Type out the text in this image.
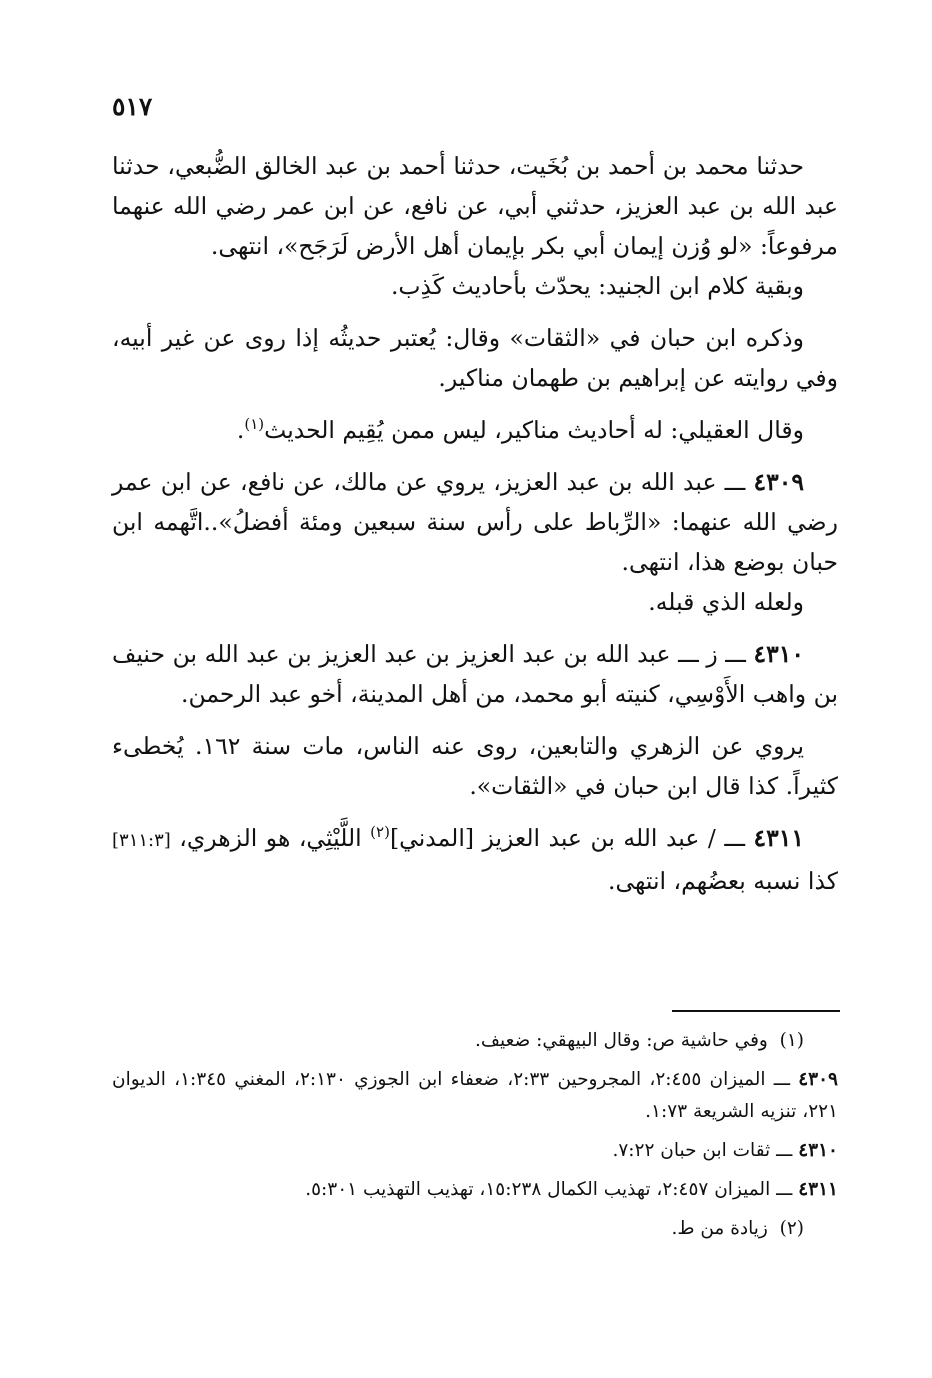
٥١٧

حدثنا محمد بن أحمد بن بُخَيت، حدثنا أحمد بن عبد الخالق الضُّبعي، حدثنا عبد الله بن عبد العزيز، حدثني أبي، عن نافع، عن ابن عمر رضي الله عنهما مرفوعاً: «لو وُزن إيمان أبي بكر بإيمان أهل الأرض لَرَجَح»، انتهى.

وبقية كلام ابن الجنيد: يحدّث بأحاديث كَذِب.

وذكره ابن حبان في «الثقات» وقال: يُعتبر حديثُه إذا روى عن غير أبيه، وفي روايته عن إبراهيم بن طهمان مناكير.

وقال العقيلي: له أحاديث مناكير، ليس ممن يُقِيم الحديث$^{(١)}$.

٤٣٠٩ ـــ عبد الله بن عبد العزيز، يروي عن مالك، عن نافع، عن ابن عمر رضي الله عنهما: «الرِّباط على رأس سنة سبعين ومئة أفضلُ»..اتَّهمه ابن حبان بوضع هذا، انتهى.

ولعله الذي قبله.

٤٣١٠ ـــ ز ـــ عبد الله بن عبد العزيز بن عبد العزيز بن عبد الله بن حنيف بن واهب الأَوْسِي، كنيته أبو محمد، من أهل المدينة، أخو عبد الرحمن.

يروي عن الزهري والتابعين، روى عنه الناس، مات سنة ١٦٢. يُخطىء كثيراً. كذا قال ابن حبان في «الثقات».

٤٣١١ ـــ / عبد الله بن عبد العزيز [المدني]$^{(٢)}$ اللَّيْثِي، هو الزهري، [٣١١:٣] كذا نسبه بعضُهم، انتهى.

(١)  وفي حاشية ص: وقال البيهقي: ضعيف.

٤٣٠٩ ـــ الميزان ٢:٤٥٥، المجروحين ٢:٣٣، ضعفاء ابن الجوزي ٢:١٣٠، المغني ١:٣٤٥، الديوان ٢٢١، تنزيه الشريعة ١:٧٣.

٤٣١٠ ـــ ثقات ابن حبان ٧:٢٢.

٤٣١١ ـــ الميزان ٢:٤٥٧، تهذيب الكمال ١٥:٢٣٨، تهذيب التهذيب ٥:٣٠١.

(٢)  زيادة من ط.
